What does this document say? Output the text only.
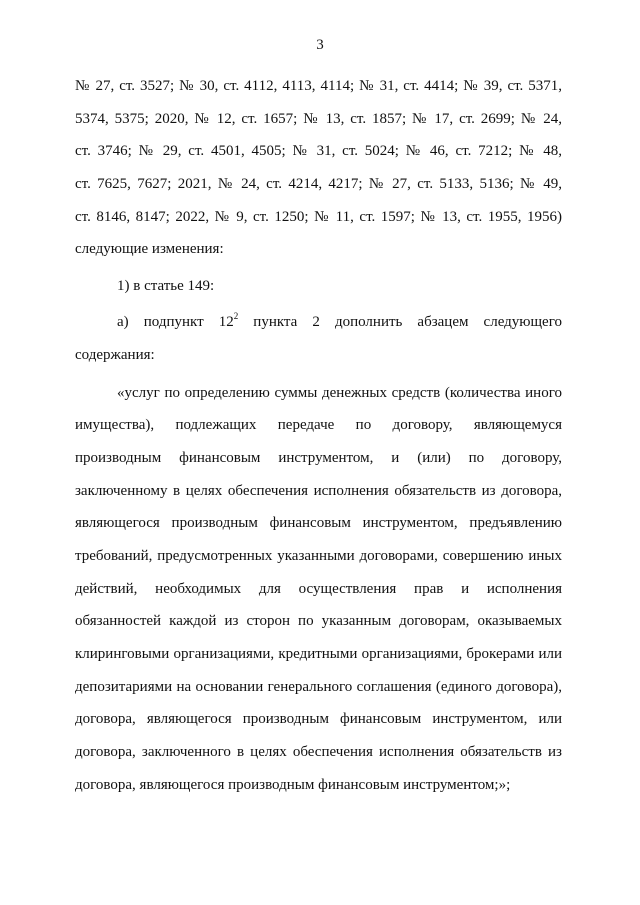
3
№ 27, ст. 3527; № 30, ст. 4112, 4113, 4114; № 31, ст. 4414; № 39, ст. 5371,
5374, 5375; 2020, № 12, ст. 1657; № 13, ст. 1857; № 17, ст. 2699; № 24,
ст. 3746; № 29, ст. 4501, 4505; № 31, ст. 5024; № 46, ст. 7212; № 48,
ст. 7625, 7627; 2021, № 24, ст. 4214, 4217; № 27, ст. 5133, 5136; № 49,
ст. 8146, 8147; 2022, № 9, ст. 1250; № 11, ст. 1597; № 13, ст. 1955, 1956)
следующие изменения:
1) в статье 149:
а) подпункт $12^2$ пункта 2 дополнить абзацем следующего
содержания:
«услуг по определению суммы денежных средств (количества иного
имущества), подлежащих передаче по договору, являющемуся
производным финансовым инструментом, и (или) по договору,
заключенному в целях обеспечения исполнения обязательств из договора,
являющегося производным финансовым инструментом, предъявлению
требований, предусмотренных указанными договорами, совершению иных
действий, необходимых для осуществления прав и исполнения
обязанностей каждой из сторон по указанным договорам, оказываемых
клиринговыми организациями, кредитными организациями, брокерами или
депозитариями на основании генерального соглашения (единого договора),
договора, являющегося производным финансовым инструментом, или
договора, заключенного в целях обеспечения исполнения обязательств из
договора, являющегося производным финансовым инструментом;»;
